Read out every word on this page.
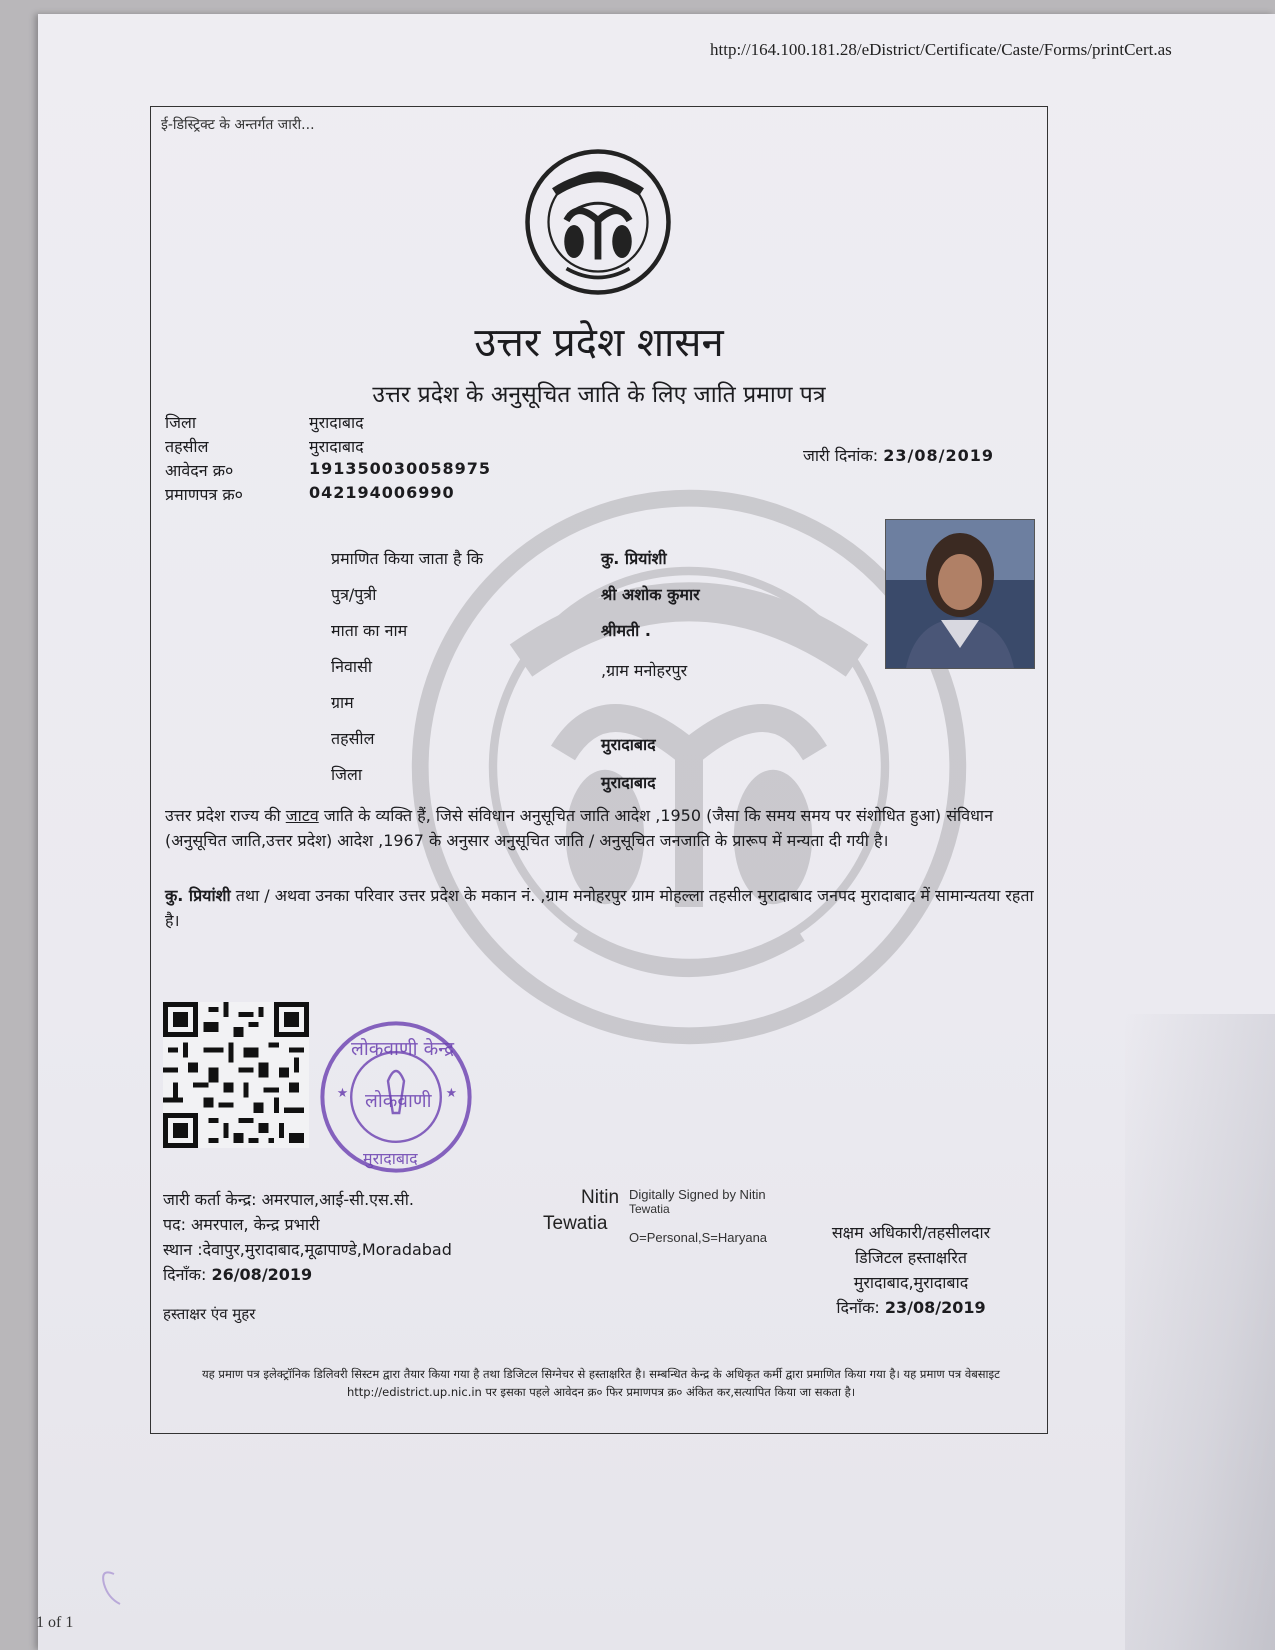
http://164.100.181.28/eDistrict/Certificate/Caste/Forms/printCert.as
ई-डिस्ट्रिक्ट के अन्तर्गत जारी...
उत्तर प्रदेश शासन
उत्तर प्रदेश के अनुसूचित जाति के लिए जाति प्रमाण पत्र
जिला	मुरादाबाद
तहसील	मुरादाबाद
आवेदन क्र०	191350030058975
प्रमाणपत्र क्र०	042194006990
जारी दिनांक: 23/08/2019
प्रमाणित किया जाता है कि	कु. प्रियांशी
पुत्र/पुत्री	श्री अशोक कुमार
माता का नाम	श्रीमती .
निवासी	,ग्राम मनोहरपुर
ग्राम
तहसील	मुरादाबाद
जिला	मुरादाबाद
उत्तर प्रदेश राज्य की जाटव जाति के व्यक्ति हैं, जिसे संविधान अनुसूचित जाति आदेश ,1950 (जैसा कि समय समय पर संशोधित हुआ) संविधान (अनुसूचित जाति,उत्तर प्रदेश) आदेश ,1967 के अनुसार अनुसूचित जाति / अनुसूचित जनजाति के प्रारूप में मन्यता दी गयी है।
कु. प्रियांशी तथा / अथवा उनका परिवार उत्तर प्रदेश के मकान नं. ,ग्राम मनोहरपुर ग्राम मोहल्ला तहसील मुरादाबाद जनपद मुरादाबाद में सामान्यतया रहता है।
★	★
लोकवाणी केन्द्र
लोकवाणी
मुरादाबाद
जारी कर्ता केन्द्र: अमरपाल,आई-सी.एस.सी.
पद: अमरपाल, केन्द्र प्रभारी
स्थान :देवापुर,मुरादाबाद,मूढापाण्डे,Moradabad
दिनाँक: 26/08/2019
Nitin
Tewatia
Digitally Signed by Nitin
Tewatia
O=Personal,S=Haryana	सक्षम अधिकारी/तहसीलदार
डिजिटल हस्ताक्षरित
मुरादाबाद,मुरादाबाद
दिनाँक: 23/08/2019
हस्ताक्षर एंव मुहर
यह प्रमाण पत्र इलेक्ट्रॉनिक डिलिवरी सिस्टम द्वारा तैयार किया गया है तथा डिजिटल सिग्नेचर से हस्ताक्षरित है। सम्बन्धित केन्द्र के अधिकृत कर्मी द्वारा प्रमाणित किया गया है। यह प्रमाण पत्र वेबसाइट http://edistrict.up.nic.in पर इसका पहले आवेदन क्र० फिर प्रमाणपत्र क्र० अंकित कर,सत्यापित किया जा सकता है।
1 of 1
